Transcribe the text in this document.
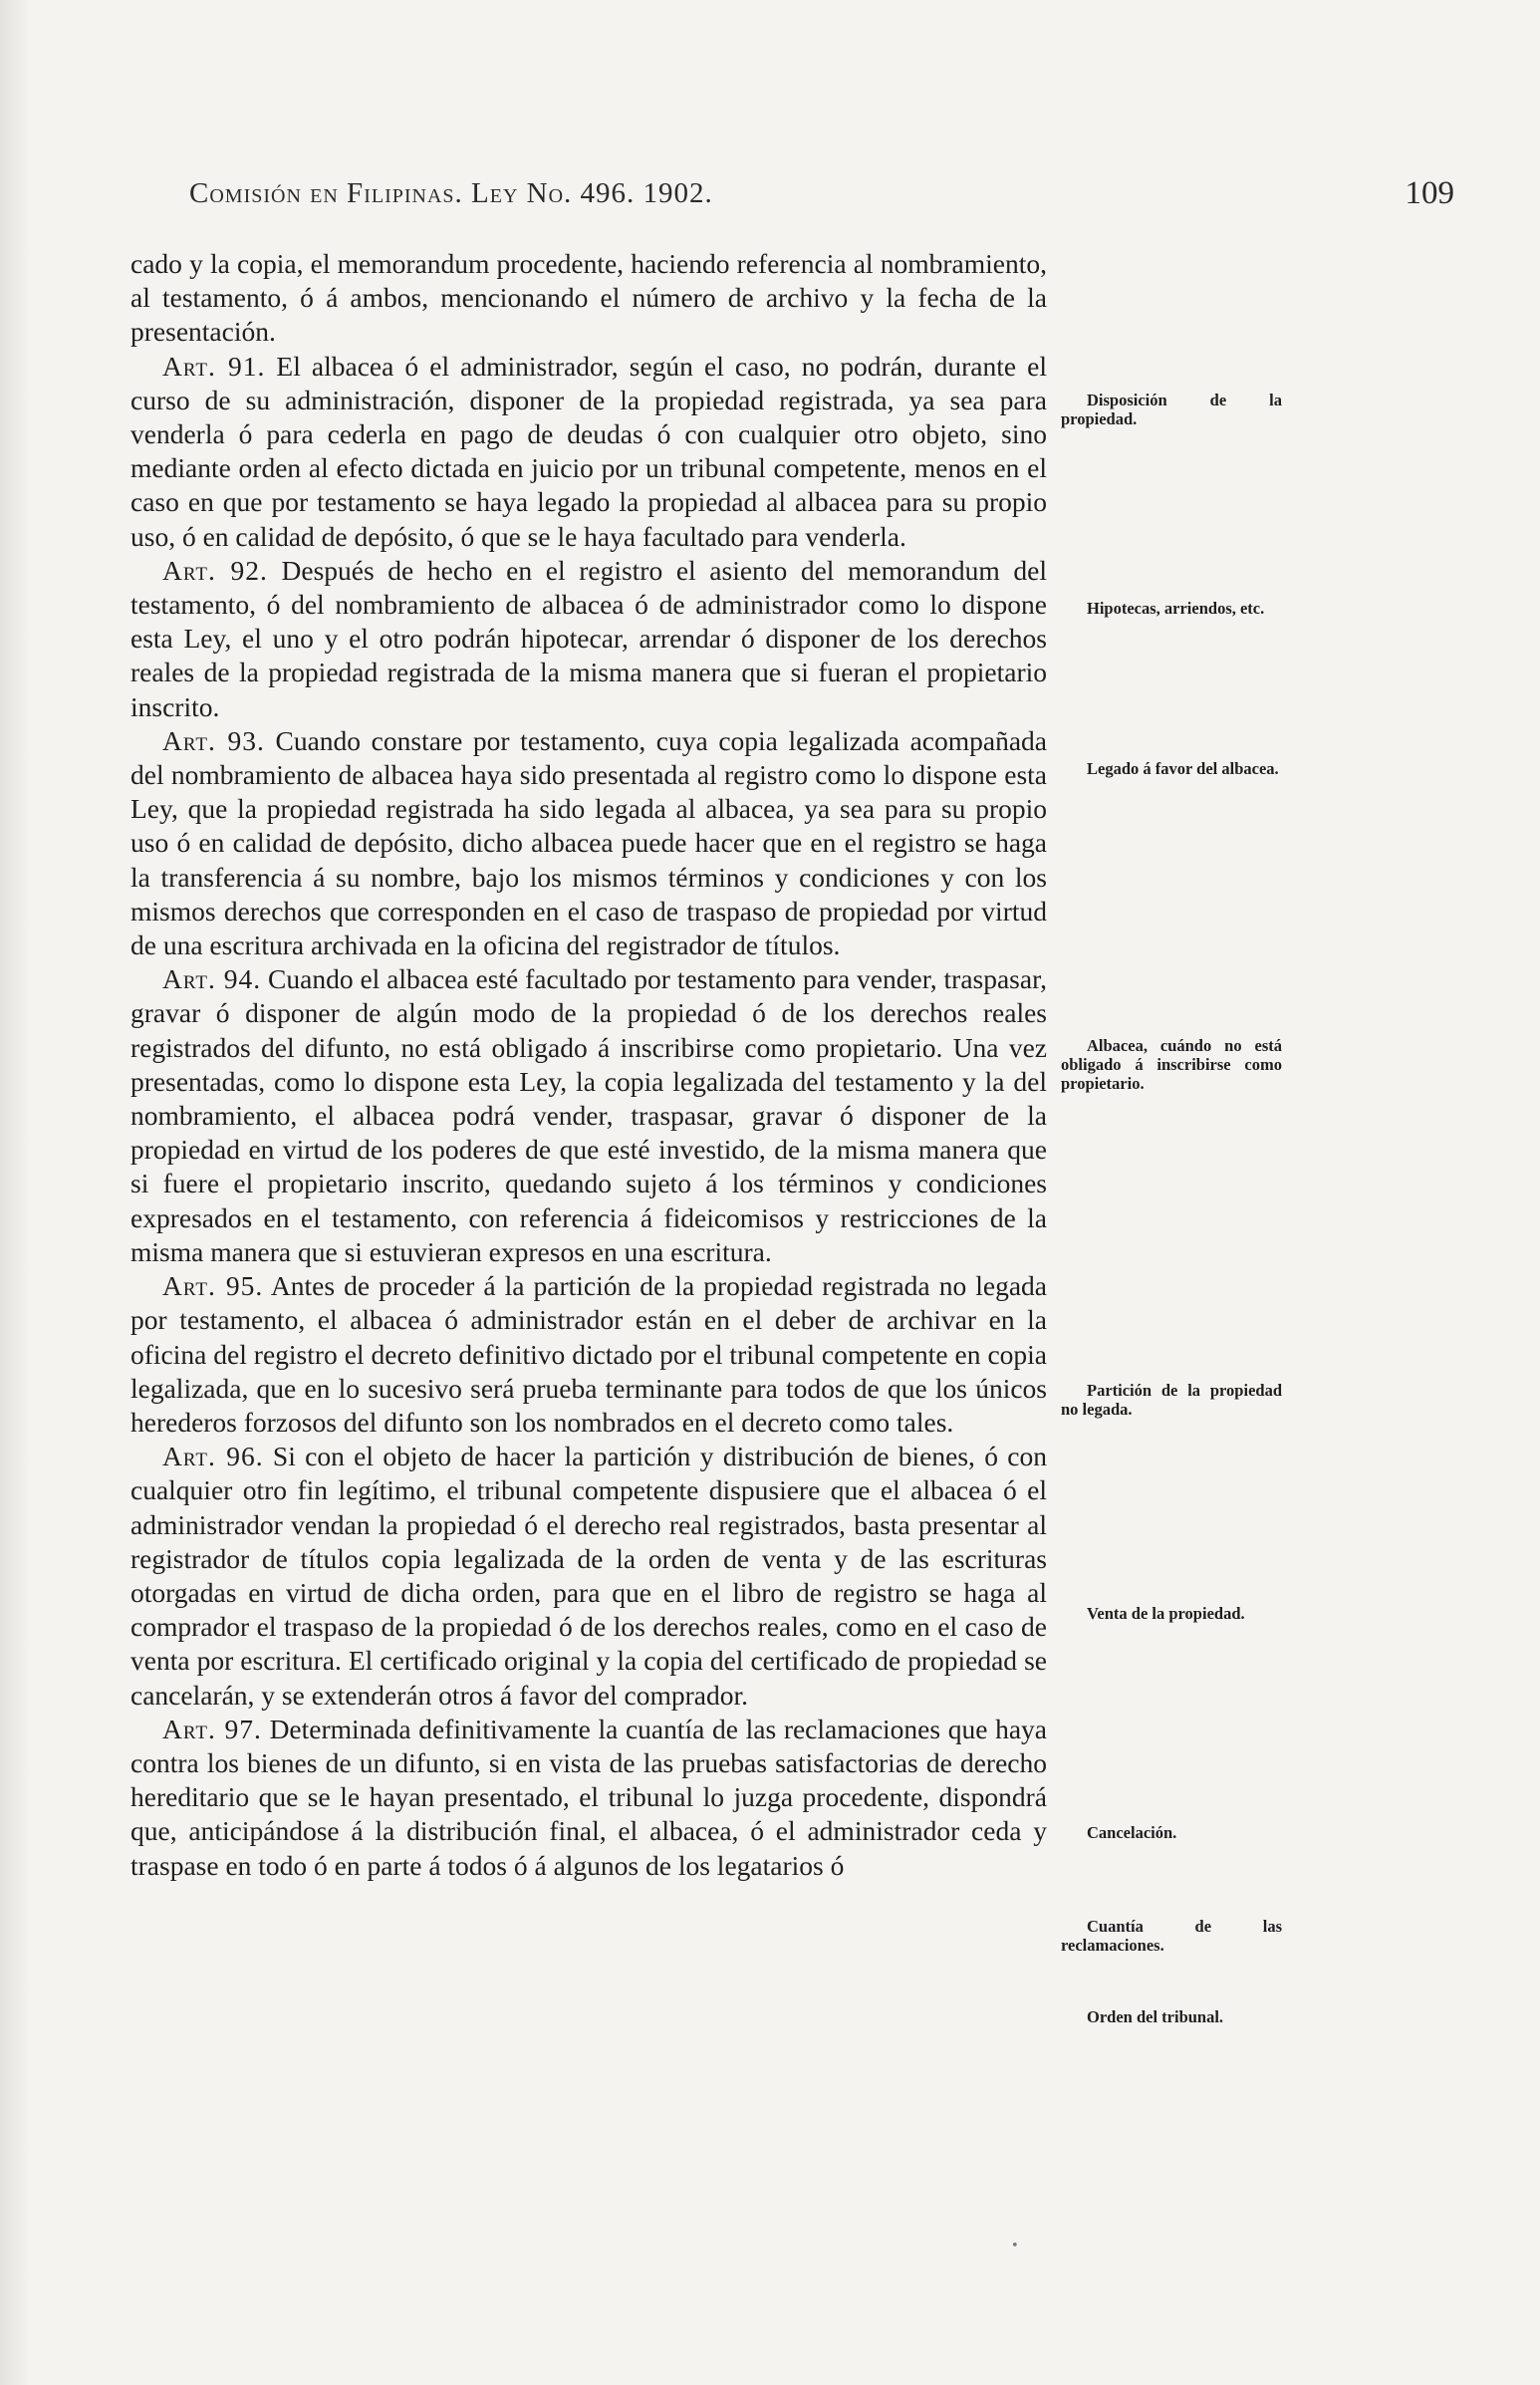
Comisión en Filipinas. Ley No. 496. 1902.	109

cado y la copia, el memorandum procedente, haciendo referencia al nombramiento, al testamento, ó á ambos, mencionando el número de archivo y la fecha de la presentación.

Art. 91. El albacea ó el administrador, según el caso, no podrán, durante el curso de su administración, disponer de la propiedad registrada, ya sea para venderla ó para cederla en pago de deudas ó con cualquier otro objeto, sino mediante orden al efecto dictada en juicio por un tribunal competente, menos en el caso en que por testamento se haya legado la propiedad al albacea para su propio uso, ó en calidad de depósito, ó que se le haya facultado para venderla.

Art. 92. Después de hecho en el registro el asiento del memorandum del testamento, ó del nombramiento de albacea ó de administrador como lo dispone esta Ley, el uno y el otro podrán hipotecar, arrendar ó disponer de los derechos reales de la propiedad registrada de la misma manera que si fueran el propietario inscrito.

Art. 93. Cuando constare por testamento, cuya copia legalizada acompañada del nombramiento de albacea haya sido presentada al registro como lo dispone esta Ley, que la propiedad registrada ha sido legada al albacea, ya sea para su propio uso ó en calidad de depósito, dicho albacea puede hacer que en el registro se haga la transferencia á su nombre, bajo los mismos términos y condiciones y con los mismos derechos que corresponden en el caso de traspaso de propiedad por virtud de una escritura archivada en la oficina del registrador de títulos.

Art. 94. Cuando el albacea esté facultado por testamento para vender, traspasar, gravar ó disponer de algún modo de la propiedad ó de los derechos reales registrados del difunto, no está obligado á inscribirse como propietario. Una vez presentadas, como lo dispone esta Ley, la copia legalizada del testamento y la del nombramiento, el albacea podrá vender, traspasar, gravar ó disponer de la propiedad en virtud de los poderes de que esté investido, de la misma manera que si fuere el propietario inscrito, quedando sujeto á los términos y condiciones expresados en el testamento, con referencia á fideicomisos y restricciones de la misma manera que si estuvieran expresos en una escritura.

Art. 95. Antes de proceder á la partición de la propiedad registrada no legada por testamento, el albacea ó administrador están en el deber de archivar en la oficina del registro el decreto definitivo dictado por el tribunal competente en copia legalizada, que en lo sucesivo será prueba terminante para todos de que los únicos herederos forzosos del difunto son los nombrados en el decreto como tales.

Art. 96. Si con el objeto de hacer la partición y distribución de bienes, ó con cualquier otro fin legítimo, el tribunal competente dispusiere que el albacea ó el administrador vendan la propiedad ó el derecho real registrados, basta presentar al registrador de títulos copia legalizada de la orden de venta y de las escrituras otorgadas en virtud de dicha orden, para que en el libro de registro se haga al comprador el traspaso de la propiedad ó de los derechos reales, como en el caso de venta por escritura. El certificado original y la copia del certificado de propiedad se cancelarán, y se extenderán otros á favor del comprador.

Art. 97. Determinada definitivamente la cuantía de las reclamaciones que haya contra los bienes de un difunto, si en vista de las pruebas satisfactorias de derecho hereditario que se le hayan presentado, el tribunal lo juzga procedente, dispondrá que, anticipándose á la distribución final, el albacea, ó el administrador ceda y traspase en todo ó en parte á todos ó á algunos de los legatarios ó

Disposición de la propiedad.
Hipotecas, arriendos, etc.
Legado á favor del albacea.
Albacea, cuándo no está obligado á inscribirse como propietario.
Partición de la propiedad no legada.
Venta de la propiedad.
Cancelación.
Cuantía de las reclamaciones.
Orden del tribunal.
•
